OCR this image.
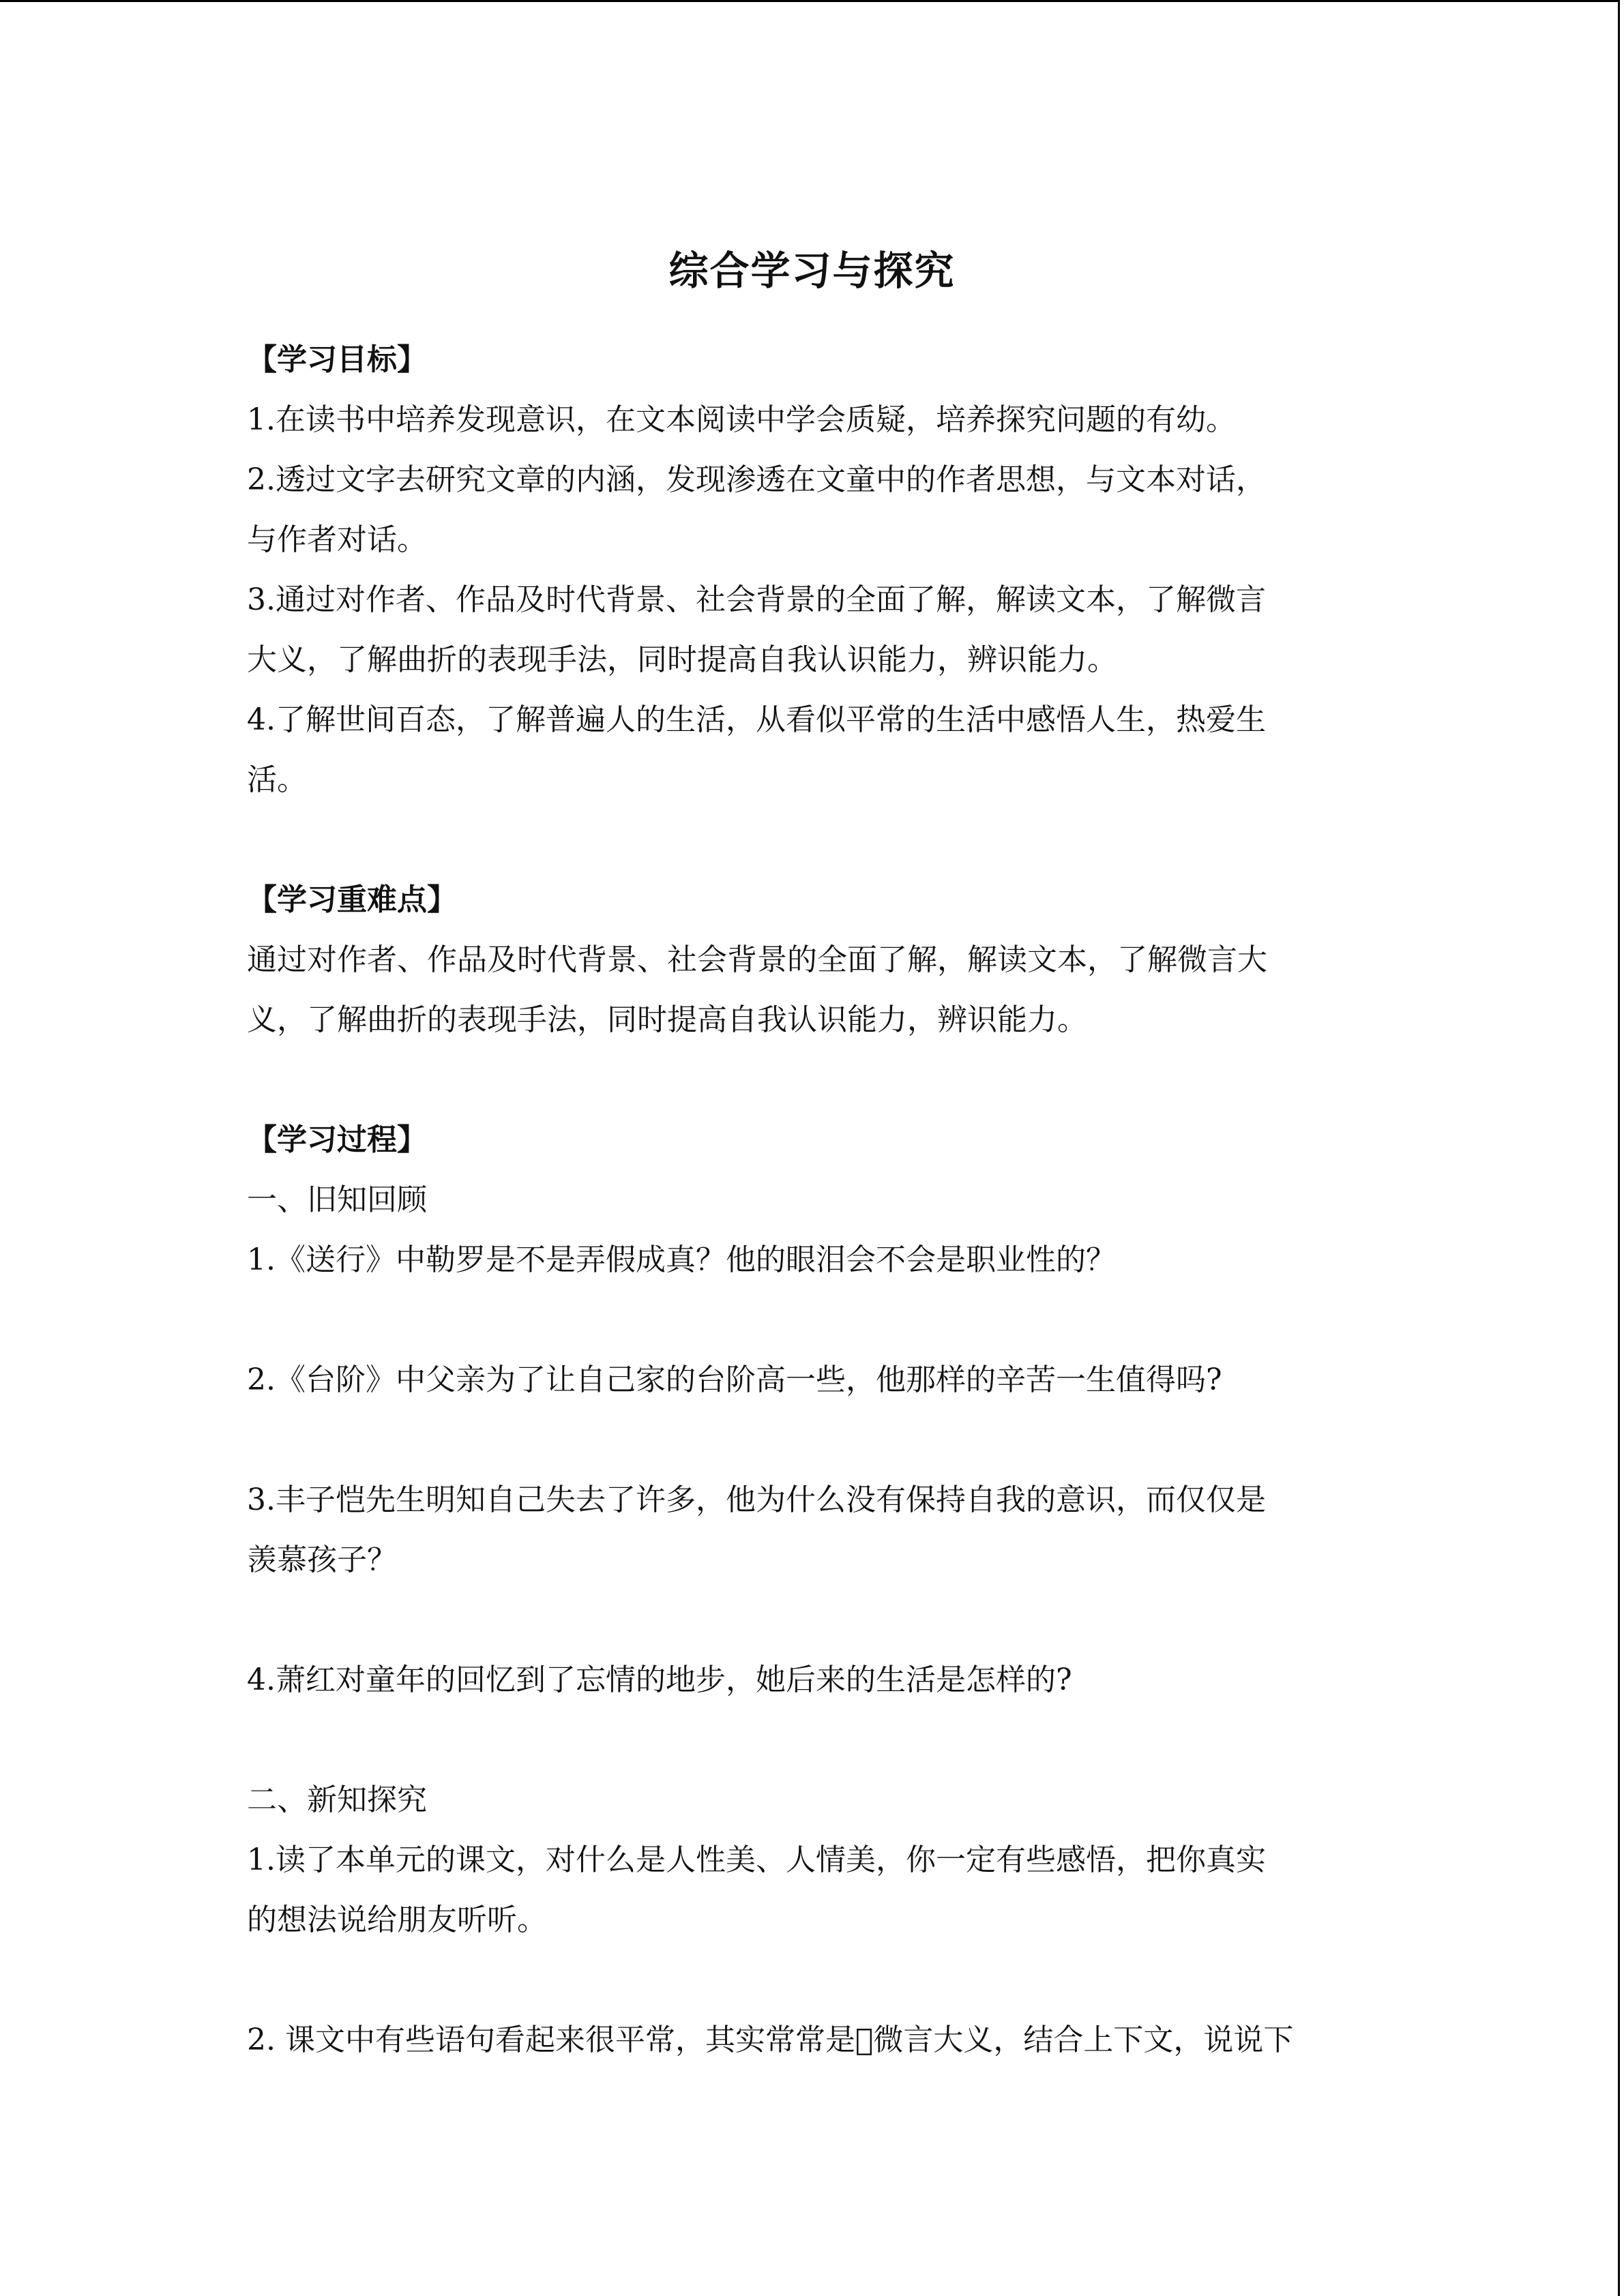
综合学习与探究

【学习目标】

1.在读书中培养发现意识，在文本阅读中学会质疑，培养探究问题的有幼。

2.透过文字去研究文章的内涵，发现渗透在文童中的作者思想，与文本对话，

与作者对话。

3.通过对作者、作品及时代背景、社会背景的全面了解，解读文本，了解微言

大义，了解曲折的表现手法，同时提高自我认识能力，辨识能力。

4.了解世间百态，了解普遍人的生活，从看似平常的生活中感悟人生，热爱生

活。

【学习重难点】

通过对作者、作品及时代背景、社会背景的全面了解，解读文本，了解微言大

义，了解曲折的表现手法，同时提高自我认识能力，辨识能力。

【学习过程】

一、旧知回顾

1.《送行》中勒罗是不是弄假成真？他的眼泪会不会是职业性的？

2.《台阶》中父亲为了让自己家的台阶高一些，他那样的辛苦一生值得吗?

3.丰子恺先生明知自己失去了许多，他为什么没有保持自我的意识，而仅仅是

羡慕孩子？

4.萧红对童年的回忆到了忘情的地步，她后来的生活是怎样的?

二、新知探究

1.读了本单元的课文，对什么是人性美、人情美，你一定有些感悟，把你真实

的想法说给朋友听听。

2. 课文中有些语句看起来很平常，其实常常是 微言大义，结合上下文，说说下
